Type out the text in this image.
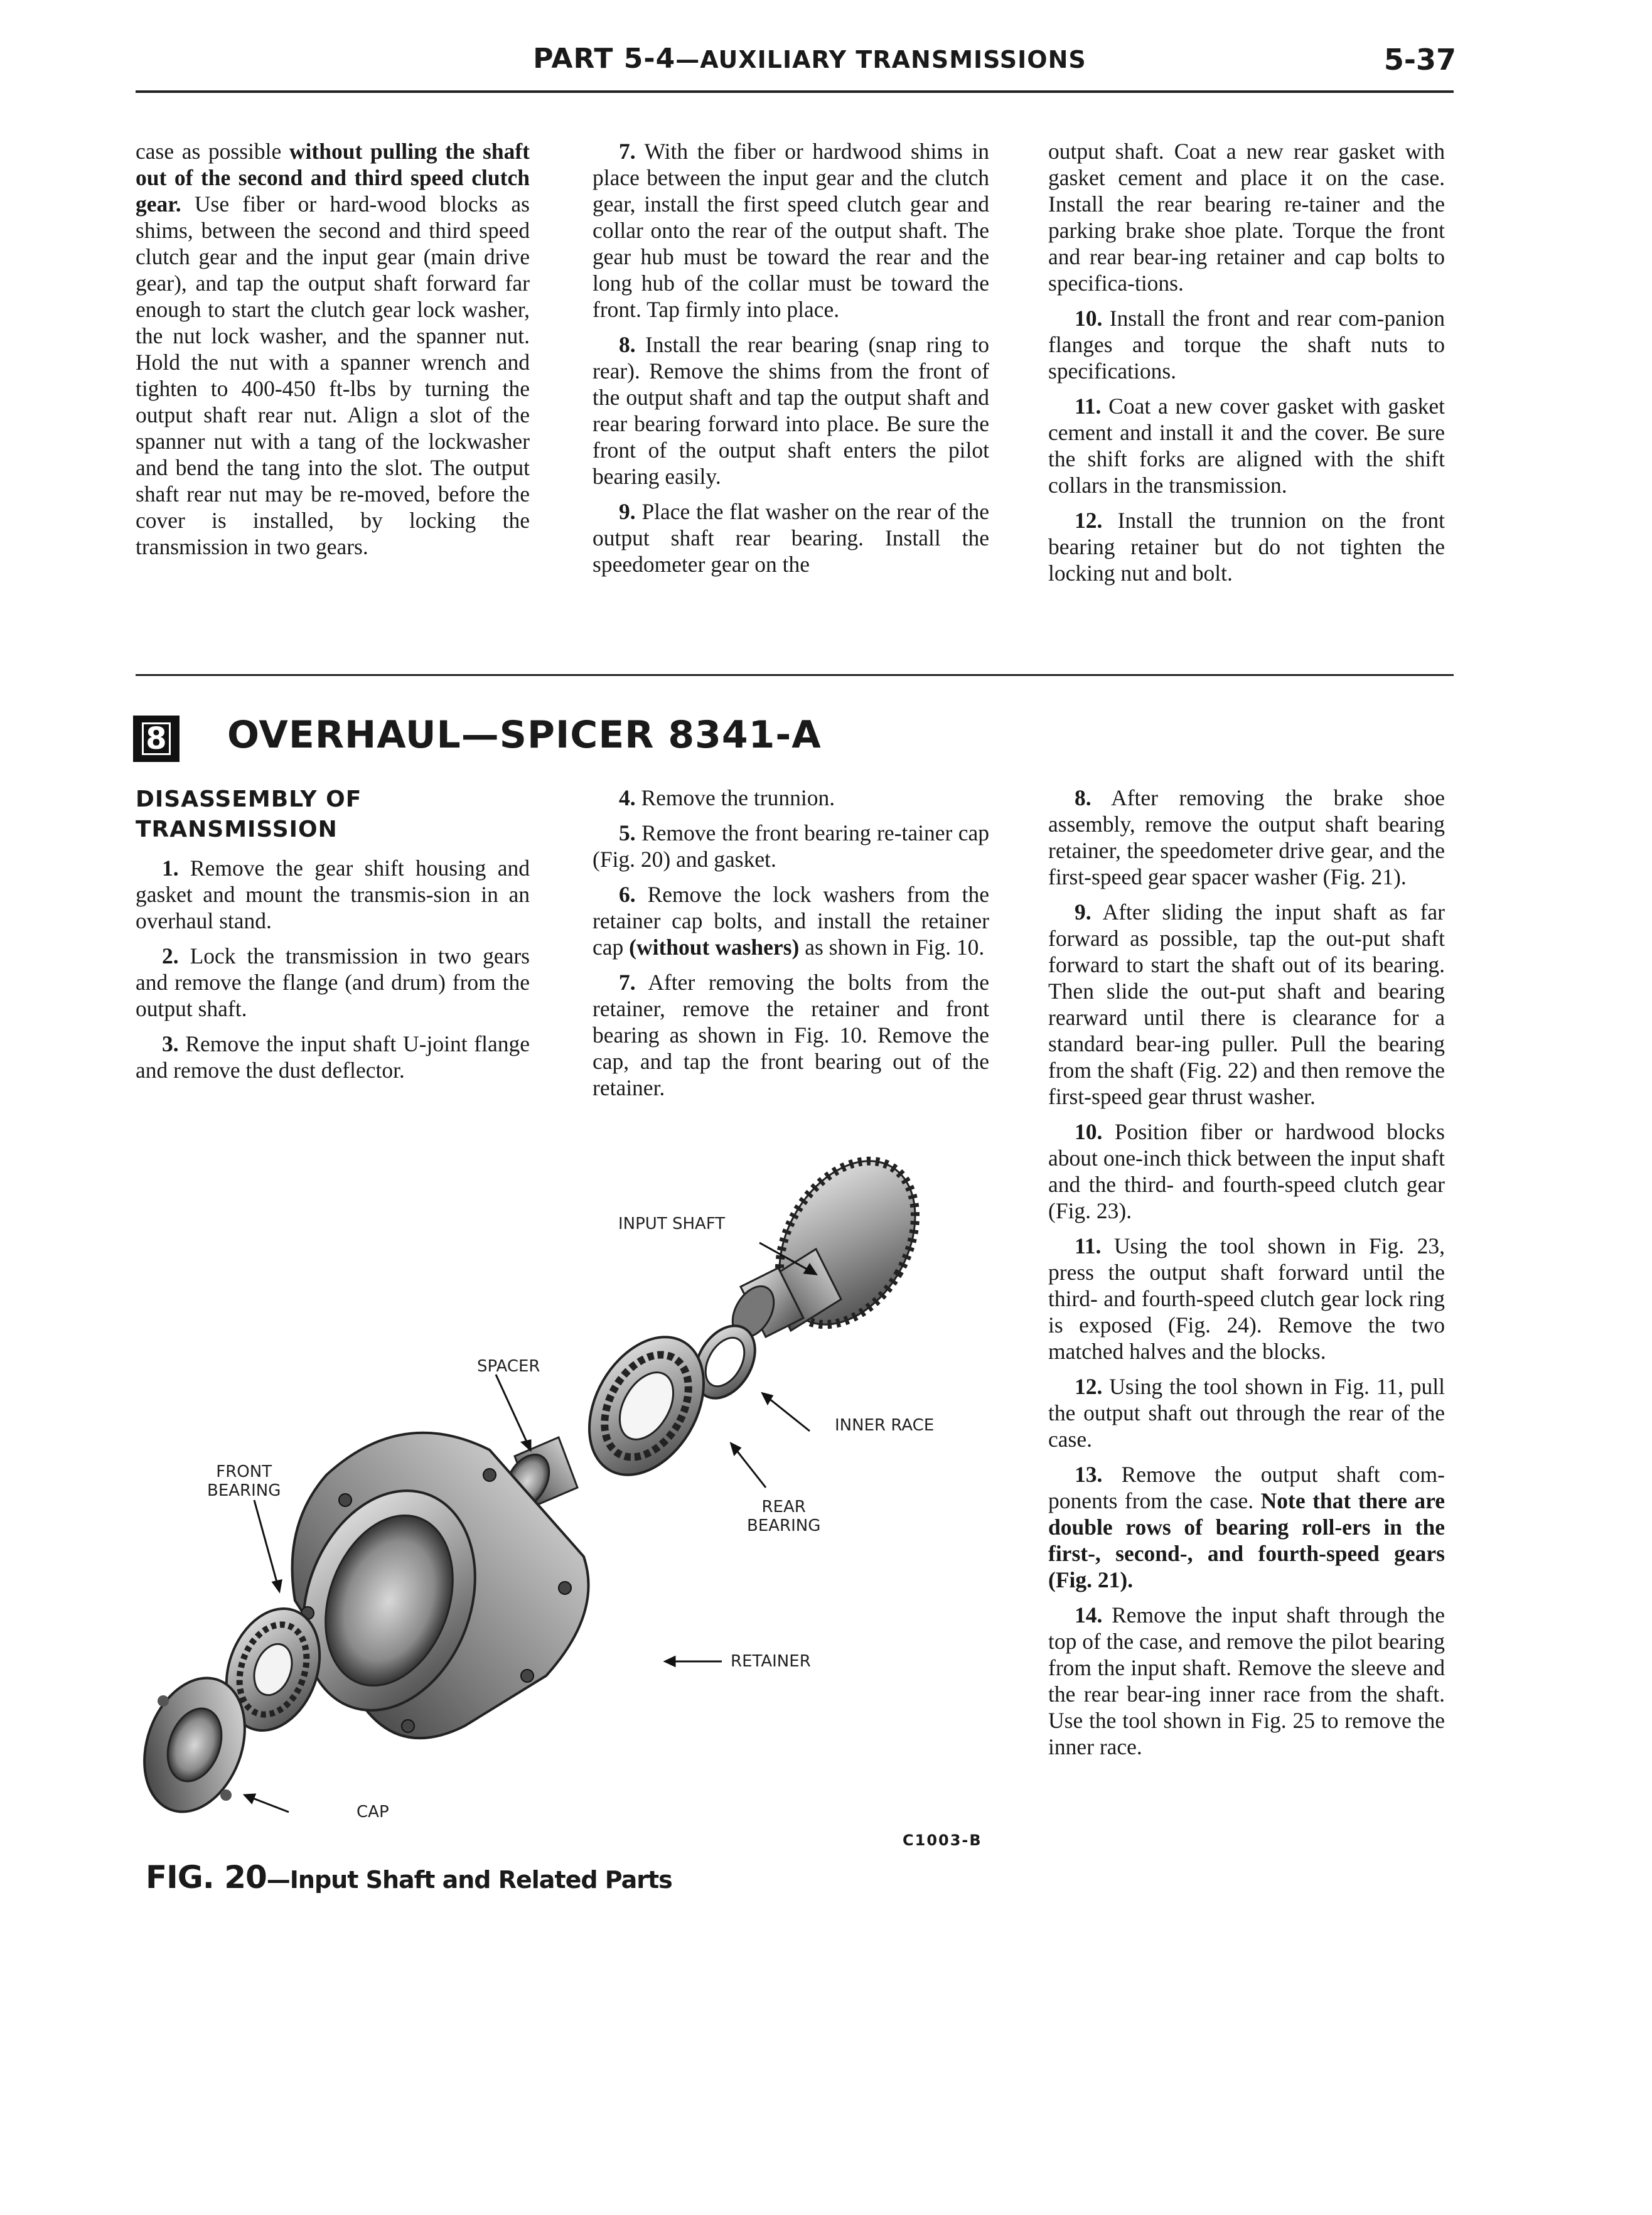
PART 5-4—AUXILIARY TRANSMISSIONS	5-37

case as possible without pulling the shaft out of the second and third speed clutch gear. Use fiber or hard-wood blocks as shims, between the second and third speed clutch gear and the input gear (main drive gear), and tap the output shaft forward far enough to start the clutch gear lock washer, the nut lock washer, and the spanner nut. Hold the nut with a spanner wrench and tighten to 400-450 ft-lbs by turning the output shaft rear nut. Align a slot of the spanner nut with a tang of the lockwasher and bend the tang into the slot. The output shaft rear nut may be re-moved, before the cover is installed, by locking the transmission in two gears.

7. With the fiber or hardwood shims in place between the input gear and the clutch gear, install the first speed clutch gear and collar onto the rear of the output shaft. The gear hub must be toward the rear and the long hub of the collar must be toward the front. Tap firmly into place.

8. Install the rear bearing (snap ring to rear). Remove the shims from the front of the output shaft and tap the output shaft and rear bearing forward into place. Be sure the front of the output shaft enters the pilot bearing easily.

9. Place the flat washer on the rear of the output shaft rear bearing. Install the speedometer gear on the

output shaft. Coat a new rear gasket with gasket cement and place it on the case. Install the rear bearing re-tainer and the parking brake shoe plate. Torque the front and rear bear-ing retainer and cap bolts to specifica-tions.

10. Install the front and rear com-panion flanges and torque the shaft nuts to specifications.

11. Coat a new cover gasket with gasket cement and install it and the cover. Be sure the shift forks are aligned with the shift collars in the transmission.

12. Install the trunnion on the front bearing retainer but do not tighten the locking nut and bolt.

8 OVERHAUL—SPICER 8341-A
DISASSEMBLY OF
TRANSMISSION

1. Remove the gear shift housing and gasket and mount the transmis-sion in an overhaul stand.

2. Lock the transmission in two gears and remove the flange (and drum) from the output shaft.

3. Remove the input shaft U-joint flange and remove the dust deflector.

4. Remove the trunnion.

5. Remove the front bearing re-tainer cap (Fig. 20) and gasket.

6. Remove the lock washers from the retainer cap bolts, and install the retainer cap (without washers) as shown in Fig. 10.

7. After removing the bolts from the retainer, remove the retainer and front bearing as shown in Fig. 10. Remove the cap, and tap the front bearing out of the retainer.

8. After removing the brake shoe assembly, remove the output shaft bearing retainer, the speedometer drive gear, and the first-speed gear spacer washer (Fig. 21).

9. After sliding the input shaft as far forward as possible, tap the out-put shaft forward to start the shaft out of its bearing. Then slide the out-put shaft and bearing rearward until there is clearance for a standard bear-ing puller. Pull the bearing from the shaft (Fig. 22) and then remove the first-speed gear thrust washer.

10. Position fiber or hardwood blocks about one-inch thick between the input shaft and the third- and fourth-speed clutch gear (Fig. 23).

11. Using the tool shown in Fig. 23, press the output shaft forward until the third- and fourth-speed clutch gear lock ring is exposed (Fig. 24). Remove the two matched halves and the blocks.

12. Using the tool shown in Fig. 11, pull the output shaft out through the rear of the case.

13. Remove the output shaft com-ponents from the case. Note that there are double rows of bearing roll-ers in the first-, second-, and fourth-speed gears (Fig. 21).

14. Remove the input shaft through the top of the case, and remove the pilot bearing from the input shaft. Remove the sleeve and the rear bear-ing inner race from the shaft. Use the tool shown in Fig. 25 to remove the inner race.

INPUT SHAFT
SPACER
INNER RACE
FRONT
BEARING
REAR
BEARING
RETAINER
CAP
C1003-B
FIG. 20—Input Shaft and Related Parts
